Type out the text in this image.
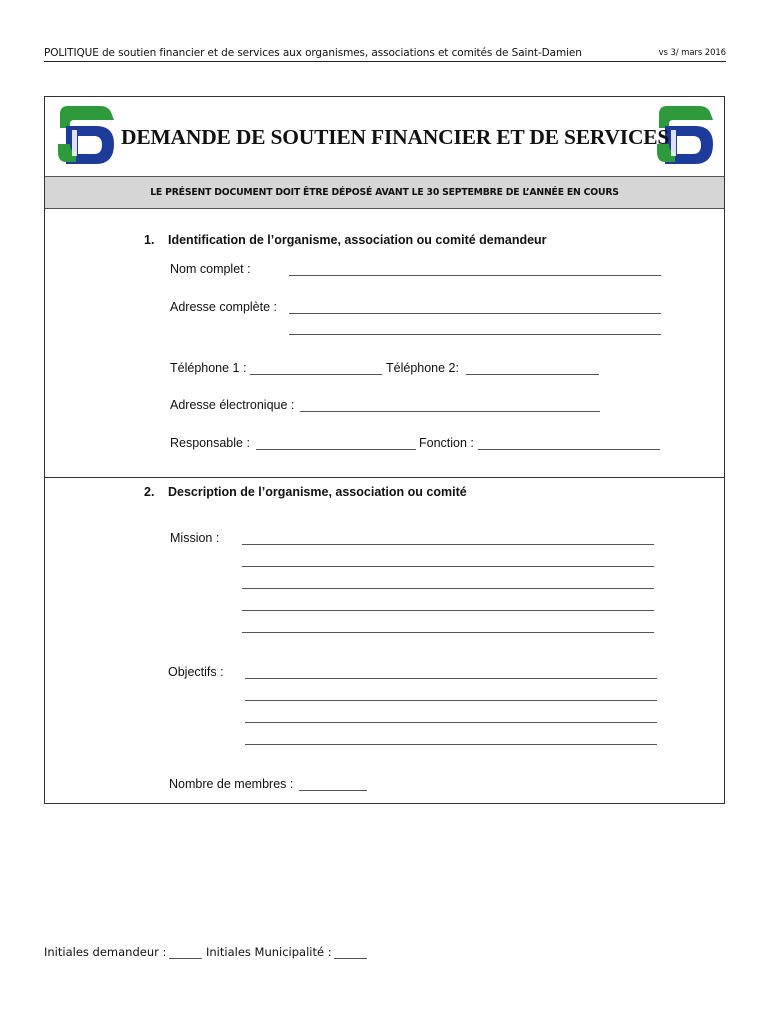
POLITIQUE de soutien financier et de services aux organismes, associations et comités de Saint-Damien	vs 3/ mars 2016
DEMANDE DE SOUTIEN FINANCIER ET DE SERVICES
LE PRÉSENT DOCUMENT DOIT ÊTRE DÉPOSÉ AVANT LE 30 SEPTEMBRE DE L’ANNÉE EN COURS
1. Identification de l’organisme, association ou comité demandeur
Nom complet :
Adresse complète :
Téléphone 1 :	Téléphone 2:
Adresse électronique :
Responsable :	Fonction :
2. Description de l’organisme, association ou comité
Mission :
Objectifs :
Nombre de membres :
Initiales demandeur :	Initiales Municipalité :
